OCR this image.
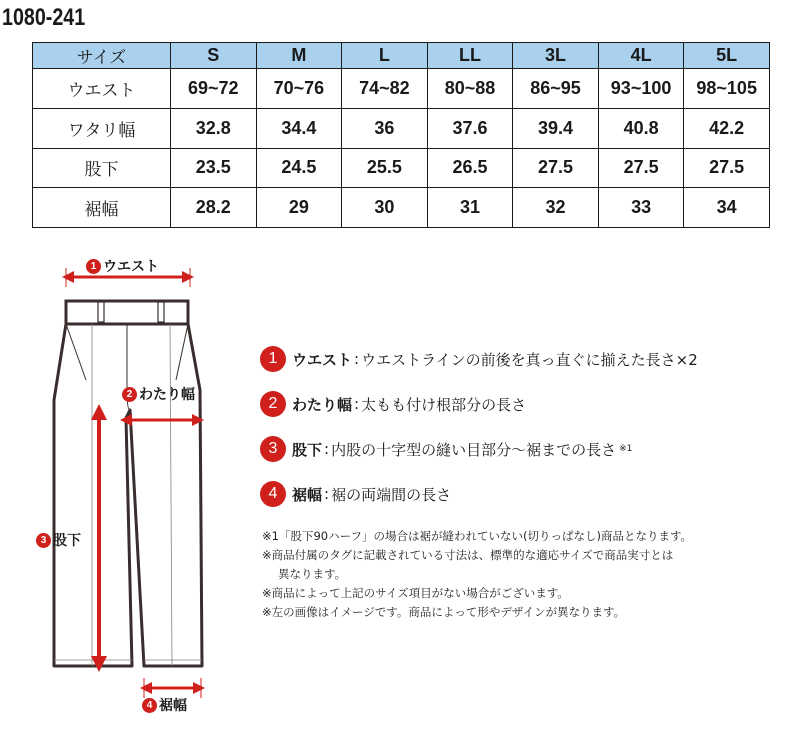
1080-241
サイズ	S	M	L	LL	3L	4L	5L
ウエスト	69~72	70~76	74~82	80~88	86~95	93~100	98~105
ワタリ幅	32.8	34.4	36	37.6	39.4	40.8	42.2
股下	23.5	24.5	25.5	26.5	27.5	27.5	27.5
裾幅	28.2	29	30	31	32	33	34
1 ウエスト
2 わたり幅
3 股下
4 裾幅
1 ウエスト : ウエストラインの前後を真っ直ぐに揃えた長さ×2
2 わたり幅 : 太もも付け根部分の長さ
3 股下 : 内股の十字型の縫い目部分～裾までの長さ ※1
4 裾幅 : 裾の両端間の長さ

※1「股下90ハーフ」の場合は裾が縫われていない(切りっぱなし)商品となります。

※商品付属のタグに記載されている寸法は、標準的な適応サイズで商品実寸とは

異なります。

※商品によって上記のサイズ項目がない場合がございます。

※左の画像はイメージです。商品によって形やデザインが異なります。
